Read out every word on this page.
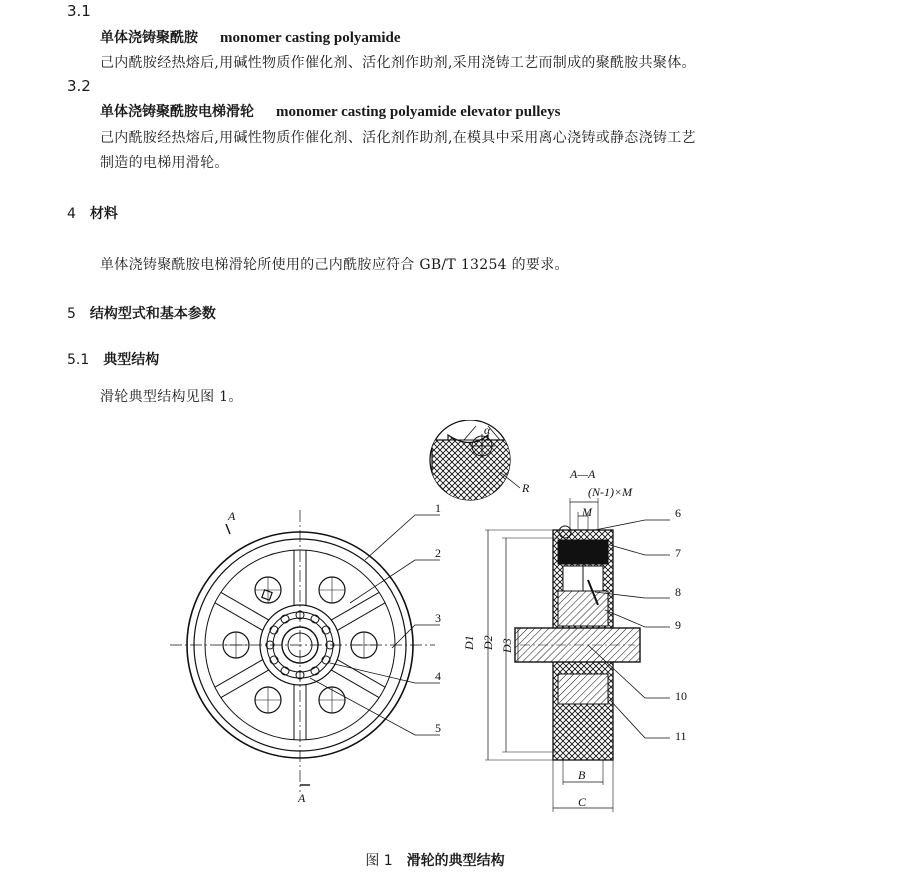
3.1
单体浇铸聚酰胺 monomer casting polyamide
己内酰胺经热熔后,用碱性物质作催化剂、活化剂作助剂,采用浇铸工艺而制成的聚酰胺共聚体。
3.2
单体浇铸聚酰胺电梯滑轮 monomer casting polyamide elevator pulleys
己内酰胺经热熔后,用碱性物质作催化剂、活化剂作助剂,在模具中采用离心浇铸或静态浇铸工艺
制造的电梯用滑轮。
4 材料
单体浇铸聚酰胺电梯滑轮所使用的己内酰胺应符合 GB/T 13254 的要求。
5 结构型式和基本参数
5.1 典型结构
滑轮典型结构见图 1。
α
R
A
A
1
2
3
4
5
A—A
D1 D2 D3
(N-1)×M
M
B
C
6
7
8
9
10
11
图 1 滑轮的典型结构
